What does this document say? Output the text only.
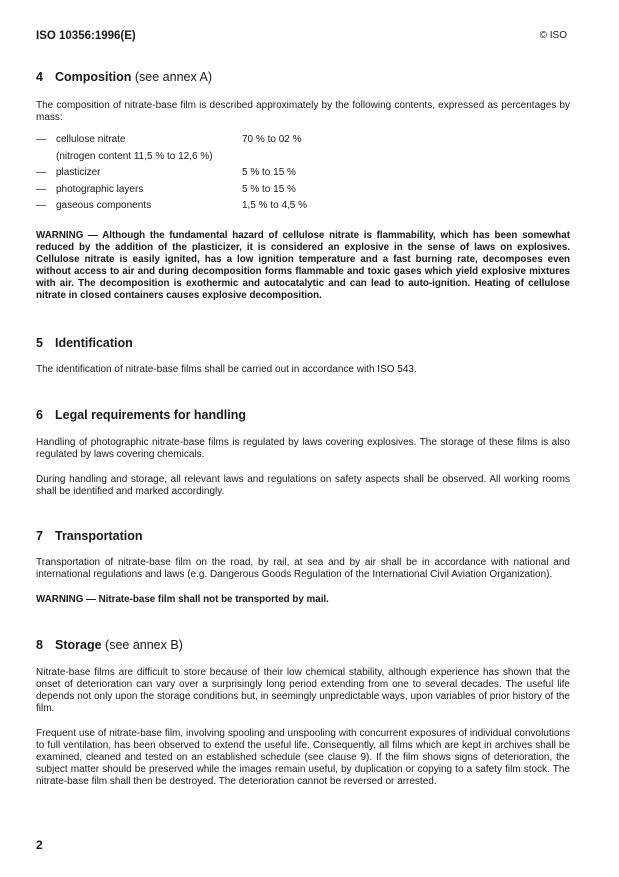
ISO 10356:1996(E)	© ISO
4 Composition (see annex A)

The composition of nitrate-base film is described approximately by the following contents, expressed as percentages by mass:

—	cellulose nitrate	70 % to 02 %
(nitrogen content 11,5 % to 12,6 %)
—	plasticizer	5 % to 15 %
—	photographic layers	5 % to 15 %
—	gaseous components	1,5 % to 4,5 %

WARNING — Although the fundamental hazard of cellulose nitrate is flammability, which has been somewhat reduced by the addition of the plasticizer, it is considered an explosive in the sense of laws on explosives. Cellulose nitrate is easily ignited, has a low ignition temperature and a fast burning rate, decomposes even without access to air and during decomposition forms flammable and toxic gases which yield explosive mixtures with air. The decomposition is exothermic and autocatalytic and can lead to auto-ignition. Heating of cellulose nitrate in closed containers causes explosive decomposition.

5 Identification

The identification of nitrate-base films shall be carried out in accordance with ISO 543.

6 Legal requirements for handling

Handling of photographic nitrate-base films is regulated by laws covering explosives. The storage of these films is also regulated by laws covering chemicals.

During handling and storage, all relevant laws and regulations on safety aspects shall be observed. All working rooms shall be identified and marked accordingly.

7 Transportation

Transportation of nitrate-base film on the road, by rail, at sea and by air shall be in accordance with national and international regulations and laws (e.g. Dangerous Goods Regulation of the International Civil Aviation Organization).

WARNING — Nitrate-base film shall not be transported by mail.

8 Storage (see annex B)

Nitrate-base films are difficult to store because of their low chemical stability, although experience has shown that the onset of deterioration can vary over a surprisingly long period extending from one to several decades. The useful life depends not only upon the storage conditions but, in seemingly unpredictable ways, upon variables of prior history of the film.

Frequent use of nitrate-base film, involving spooling and unspooling with concurrent exposures of individual convolutions to full ventilation, has been observed to extend the useful life. Consequently, all films which are kept in archives shall be examined, cleaned and tested on an established schedule (see clause 9). If the film shows signs of deterioration, the subject matter should be preserved while the images remain useful, by duplication or copying to a safety film stock. The nitrate-base film shall then be destroyed. The deterioration cannot be reversed or arrested.

2
